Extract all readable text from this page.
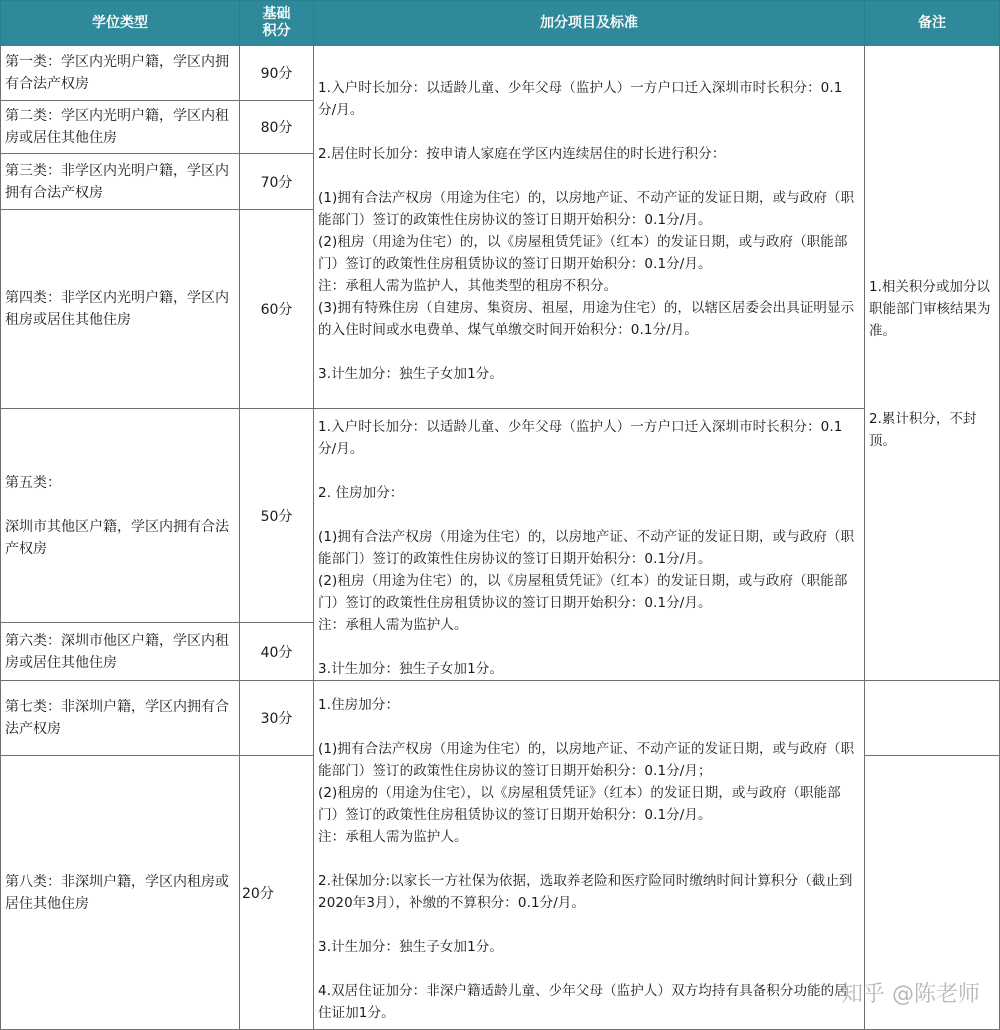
学位类型
基础
积分
加分项目及标准	备注
第一类：学区内光明户籍，学区内拥有合法产权房
第二类：学区内光明户籍，学区内租房或居住其他住房
第三类：非学区内光明户籍，学区内拥有合法产权房
第四类：非学区内光明户籍，学区内租房或居住其他住房
第五类：
深圳市其他区户籍，学区内拥有合法产权房
第六类：深圳市他区户籍，学区内租房或居住其他住房
第七类：非深圳户籍，学区内拥有合法产权房
第八类：非深圳户籍，学区内租房或居住其他住房
90分
80分
70分
60分
50分
40分
30分
20分
1.入户时长加分：以适龄儿童、少年父母（监护人）一方户口迁入深圳市时长积分：0.1分/月。

2.居住时长加分：按申请人家庭在学区内连续居住的时长进行积分：

(1)拥有合法产权房（用途为住宅）的，以房地产证、不动产证的发证日期，或与政府（职能部门）签订的政策性住房协议的签订日期开始积分：0.1分/月。
(2)租房（用途为住宅）的，以《房屋租赁凭证》（红本）的发证日期，或与政府（职能部门）签订的政策性住房租赁协议的签订日期开始积分：0.1分/月。
注：承租人需为监护人，其他类型的租房不积分。
(3)拥有特殊住房（自建房、集资房、祖屋，用途为住宅）的，以辖区居委会出具证明显示的入住时间或水电费单、煤气单缴交时间开始积分：0.1分/月。

3.计生加分：独生子女加1分。
1.入户时长加分：以适龄儿童、少年父母（监护人）一方户口迁入深圳市时长积分：0.1分/月。

2. 住房加分：

(1)拥有合法产权房（用途为住宅）的，以房地产证、不动产证的发证日期，或与政府（职能部门）签订的政策性住房协议的签订日期开始积分：0.1分/月。
(2)租房（用途为住宅）的，以《房屋租赁凭证》（红本）的发证日期，或与政府（职能部门）签订的政策性住房租赁协议的签订日期开始积分：0.1分/月。
注：承租人需为监护人。

3.计生加分：独生子女加1分。
1.住房加分：

(1)拥有合法产权房（用途为住宅）的，以房地产证、不动产证的发证日期，或与政府（职能部门）签订的政策性住房协议的签订日期开始积分：0.1分/月；
(2)租房的（用途为住宅），以《房屋租赁凭证》（红本）的发证日期，或与政府（职能部门）签订的政策性住房租赁协议的签订日期开始积分：0.1分/月。
注：承租人需为监护人。

2.社保加分:以家长一方社保为依据，选取养老险和医疗险同时缴纳时间计算积分（截止到2020年3月），补缴的不算积分：0.1分/月。

3.计生加分：独生子女加1分。

4.双居住证加分：非深户籍适龄儿童、少年父母（监护人）双方均持有具备积分功能的居住证加1分。
1.相关积分或加分以职能部门审核结果为准。

2.累计积分，不封顶。
知乎 @陈老师
